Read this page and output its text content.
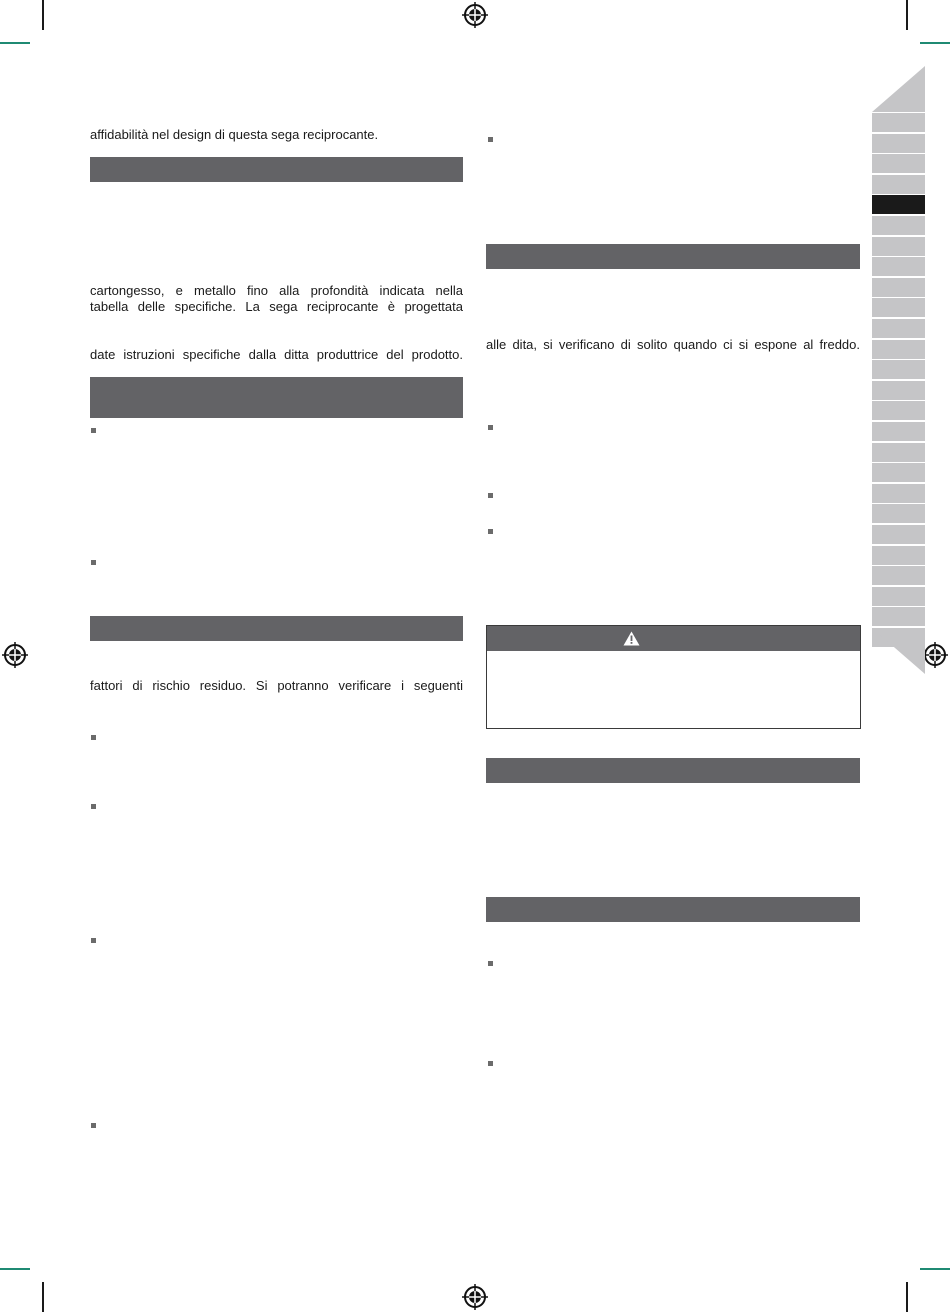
affidabilità nel design di questa sega reciprocante.
cartongesso, e metallo fino alla profondità indicata nella
tabella delle specifiche. La sega reciprocante è progettata
date istruzioni specifiche dalla ditta produttrice del prodotto.
fattori di rischio residuo. Si potranno verificare i seguenti
alle dita, si verificano di solito quando ci si espone al freddo.
